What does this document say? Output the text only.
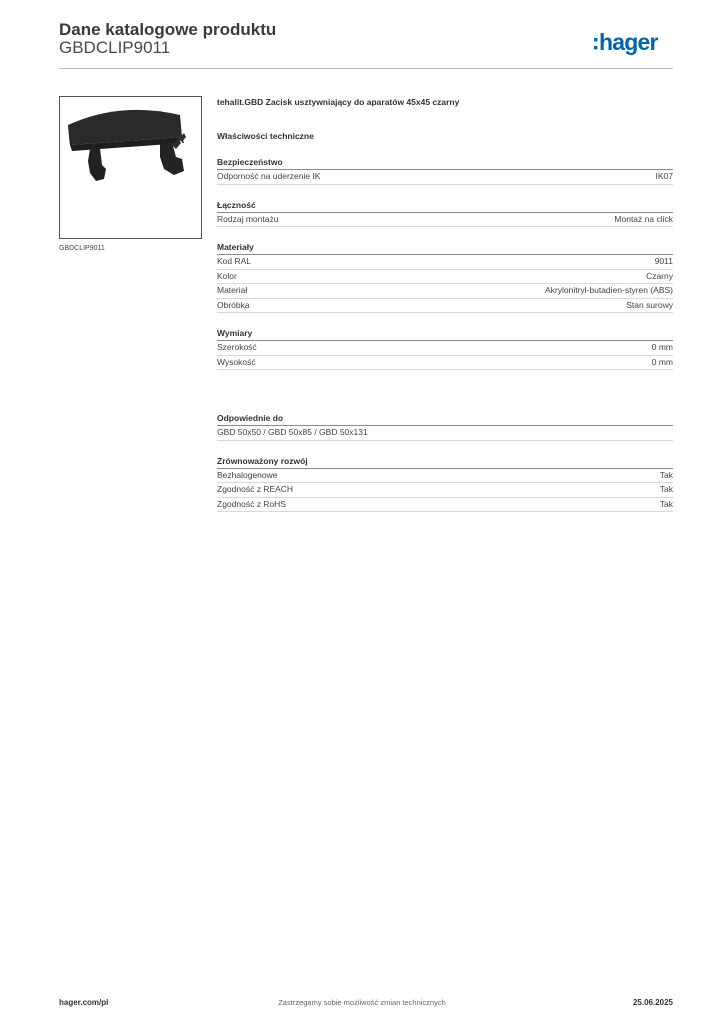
Dane katalogowe produktu
GBDCLIP9011	hager
GBDCLIP9011
tehalit.GBD Zacisk usztywniający do aparatów 45x45 czarny
Właściwości techniczne
Bezpieczeństwo
Odporność na uderzenie IK	IK07
Łączność
Rodzaj montażu	Montaż na click
Materiały
Kod RAL	9011
Kolor	Czarny
Materiał	Akrylonitryl-butadien-styren (ABS)
Obróbka	Stan surowy
Wymiary
Szerokość	0 mm
Wysokość	0 mm
Odpowiednie do
GBD 50x50 / GBD 50x85 / GBD 50x131
Zrównoważony rozwój
Bezhalogenowe	Tak
Zgodność z REACH	Tak
Zgodność z RoHS	Tak
hager.com/pl	Zastrzegamy sobie możliwość zmian technicznych	25.06.2025
